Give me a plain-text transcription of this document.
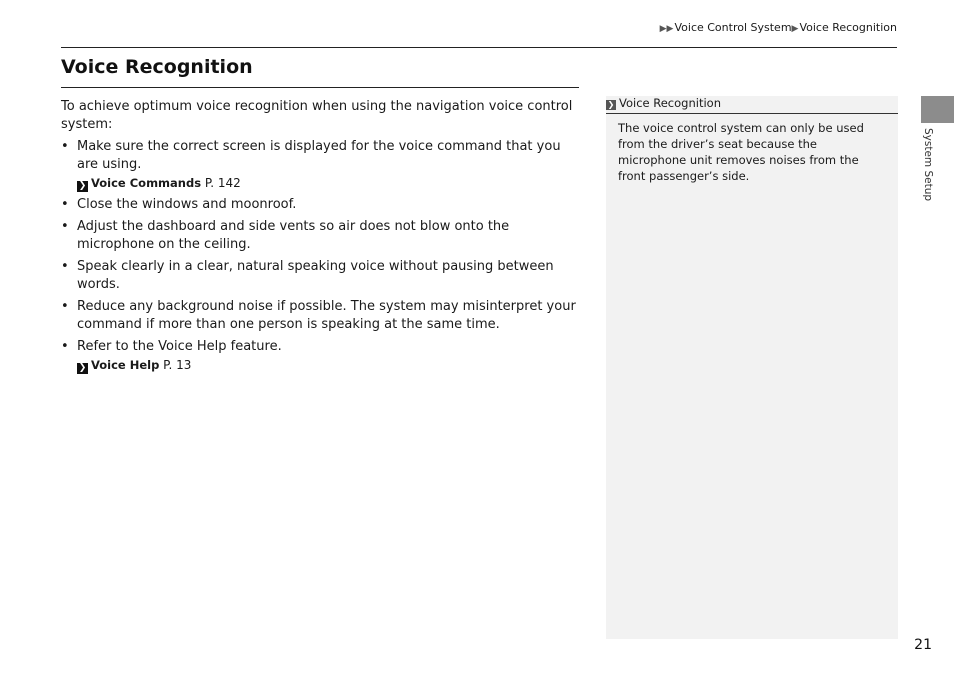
▶▶Voice Control System▶Voice Recognition
Voice Recognition

To achieve optimum voice recognition when using the navigation voice control system:

• Make sure the correct screen is displayed for the voice command that you are using.
❯ Voice Commands P. 142
• Close the windows and moonroof.
• Adjust the dashboard and side vents so air does not blow onto the microphone on the ceiling.
• Speak clearly in a clear, natural speaking voice without pausing between words.
• Reduce any background noise if possible. The system may misinterpret your command if more than one person is speaking at the same time.
• Refer to the Voice Help feature.
❯ Voice Help P. 13
❯ Voice Recognition

The voice control system can only be used from the driver’s seat because the microphone unit removes noises from the front passenger’s side.	System Setup
21
